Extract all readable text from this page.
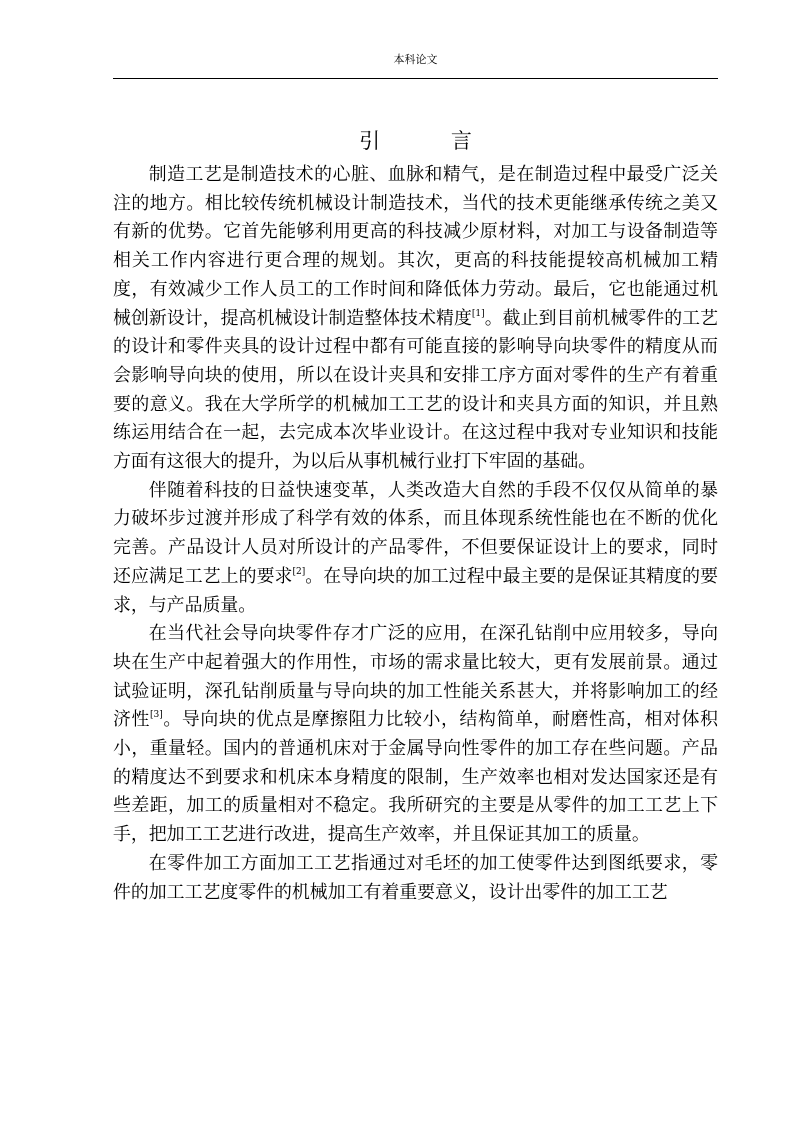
本科论文
引 言

制造工艺是制造技术的心脏、血脉和精气，是在制造过程中最受广泛关注的地方。相比较传统机械设计制造技术，当代的技术更能继承传统之美又有新的优势。它首先能够利用更高的科技减少原材料，对加工与设备制造等相关工作内容进行更合理的规划。其次，更高的科技能提较高机械加工精度，有效减少工作人员工的工作时间和降低体力劳动。最后，它也能通过机械创新设计，提高机械设计制造整体技术精度[1]。截止到目前机械零件的工艺的设计和零件夹具的设计过程中都有可能直接的影响导向块零件的精度从而会影响导向块的使用，所以在设计夹具和安排工序方面对零件的生产有着重要的意义。我在大学所学的机械加工工艺的设计和夹具方面的知识，并且熟练运用结合在一起，去完成本次毕业设计。在这过程中我对专业知识和技能方面有这很大的提升，为以后从事机械行业打下牢固的基础。

伴随着科技的日益快速变革，人类改造大自然的手段不仅仅从简单的暴力破坏步过渡并形成了科学有效的体系，而且体现系统性能也在不断的优化完善。产品设计人员对所设计的产品零件，不但要保证设计上的要求，同时还应满足工艺上的要求[2]。在导向块的加工过程中最主要的是保证其精度的要求，与产品质量。

在当代社会导向块零件存才广泛的应用，在深孔钻削中应用较多，导向块在生产中起着强大的作用性，市场的需求量比较大，更有发展前景。通过试验证明，深孔钻削质量与导向块的加工性能关系甚大，并将影响加工的经济性[3]。导向块的优点是摩擦阻力比较小，结构简单，耐磨性高，相对体积小，重量轻。国内的普通机床对于金属导向性零件的加工存在些问题。产品的精度达不到要求和机床本身精度的限制，生产效率也相对发达国家还是有些差距，加工的质量相对不稳定。我所研究的主要是从零件的加工工艺上下手，把加工工艺进行改进，提高生产效率，并且保证其加工的质量。

在零件加工方面加工工艺指通过对毛坯的加工使零件达到图纸要求，零件的加工工艺度零件的机械加工有着重要意义，设计出零件的加工工艺
